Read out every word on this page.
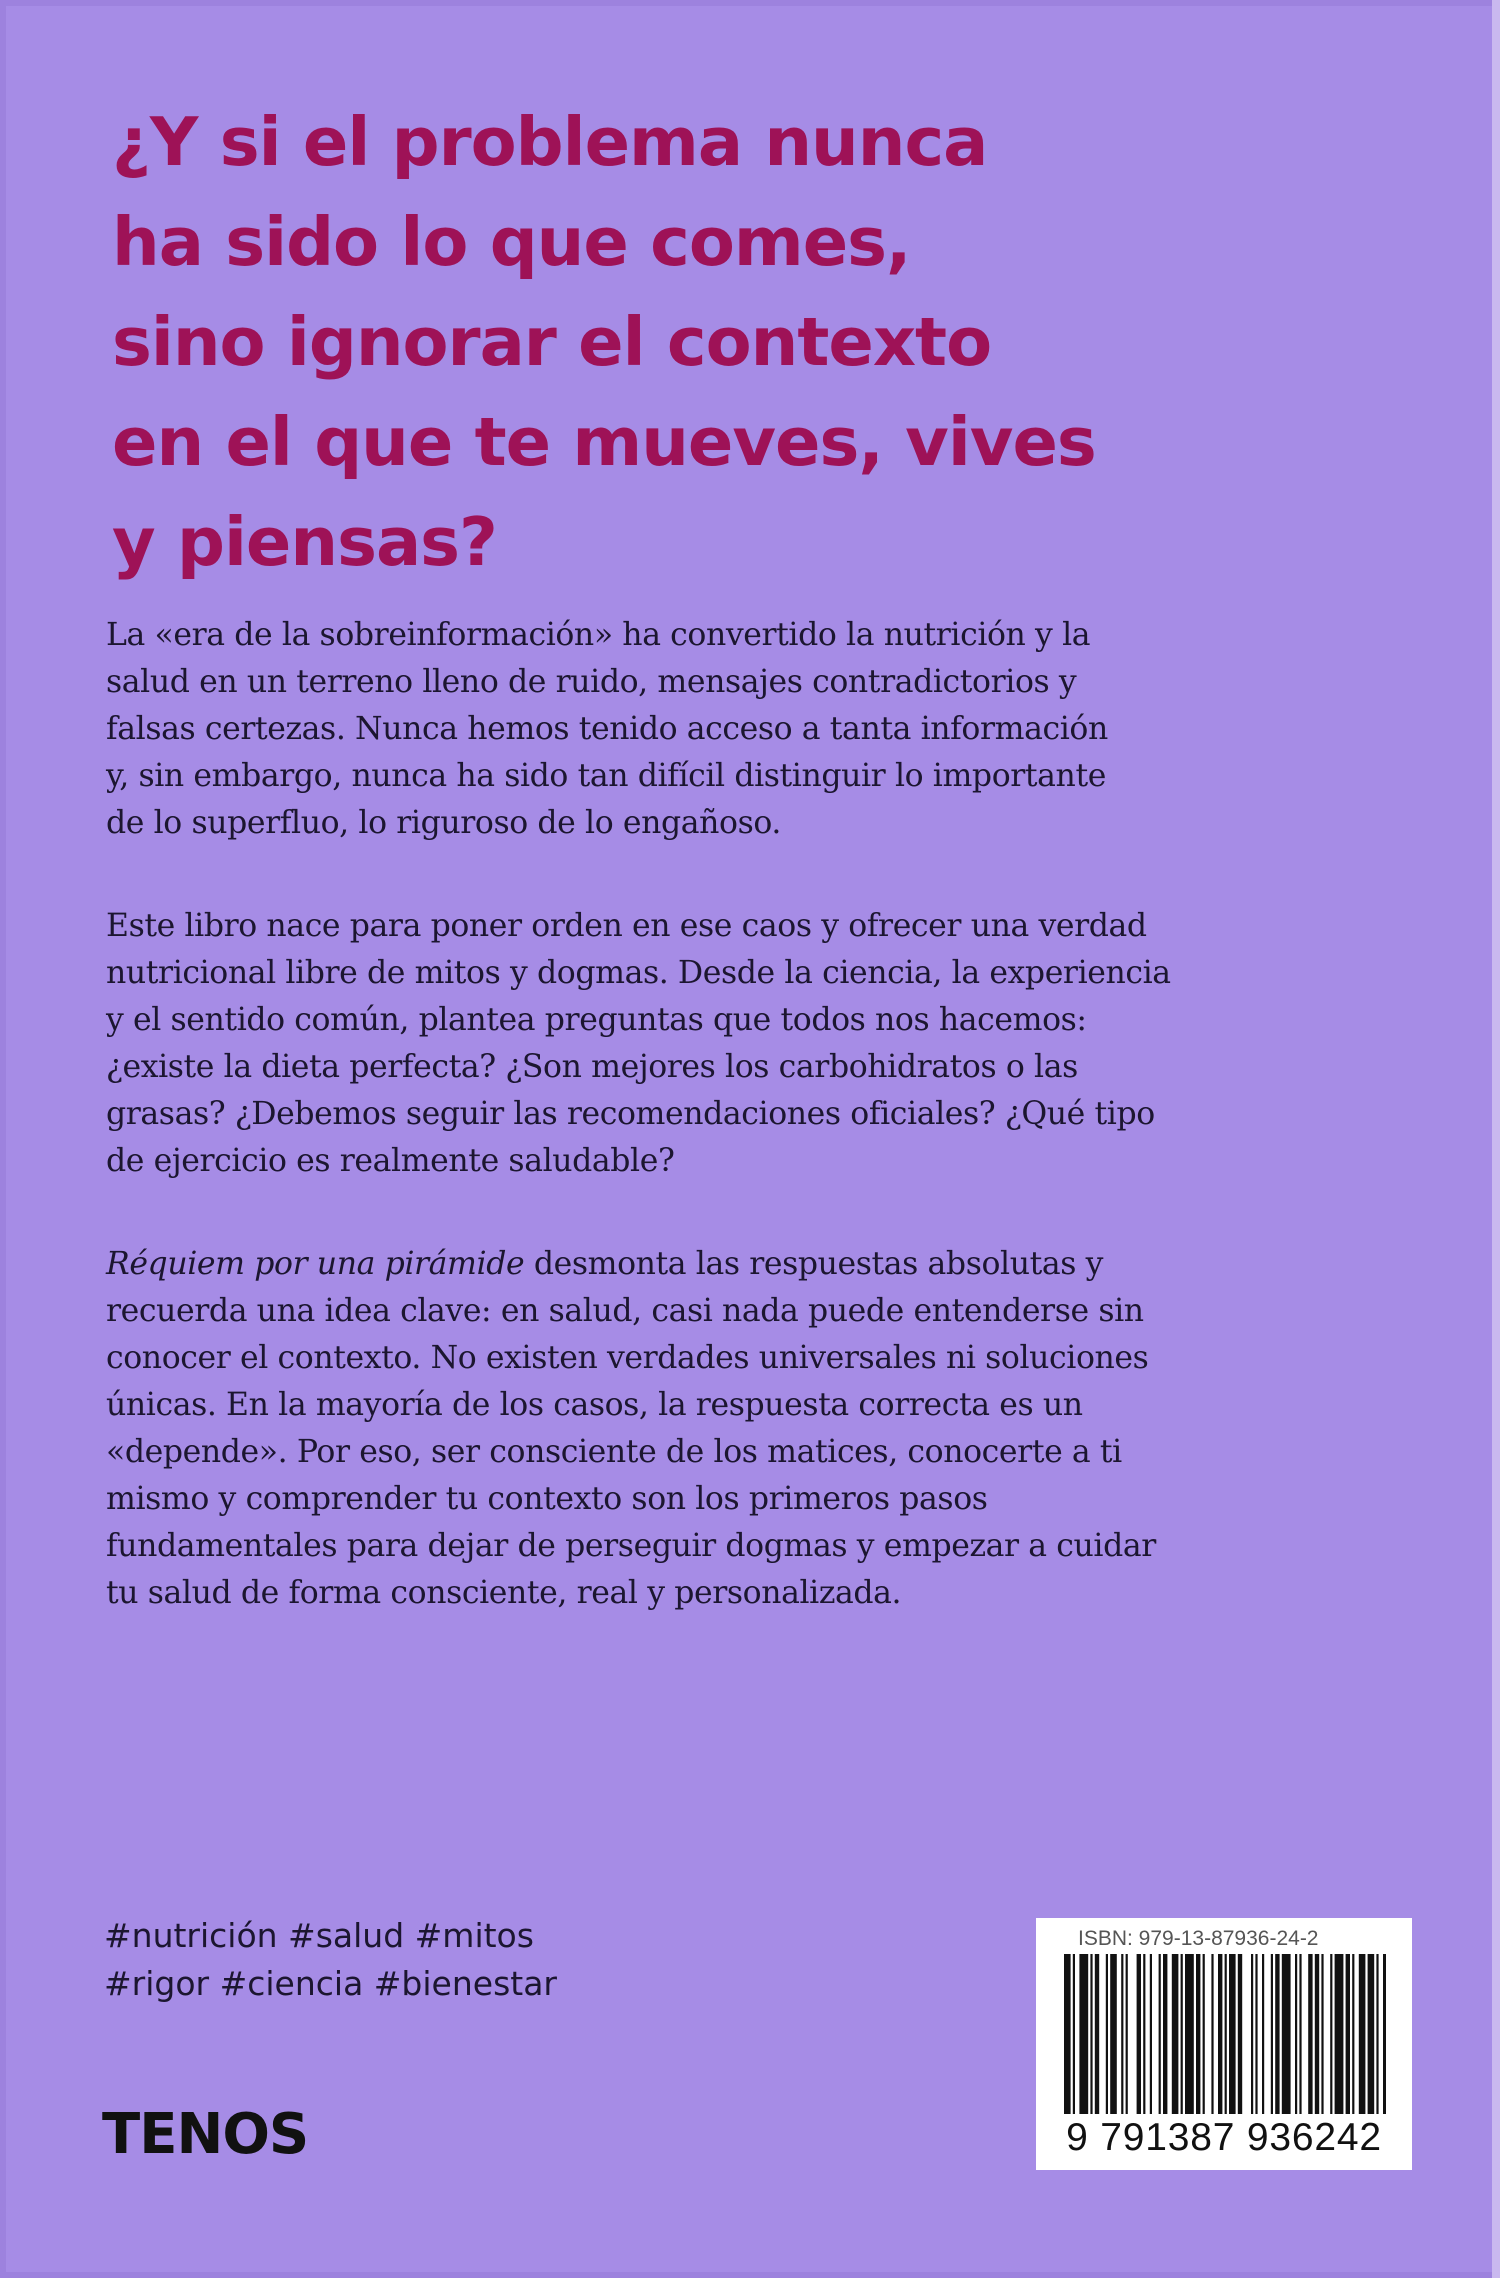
¿Y si el problema nunca
ha sido lo que comes,
sino ignorar el contexto
en el que te mueves, vives
y piensas?

La «era de la sobreinformación» ha convertido la nutrición y la
salud en un terreno lleno de ruido, mensajes contradictorios y
falsas certezas. Nunca hemos tenido acceso a tanta información
y, sin embargo, nunca ha sido tan difícil distinguir lo importante
de lo superfluo, lo riguroso de lo engañoso.

Este libro nace para poner orden en ese caos y ofrecer una verdad
nutricional libre de mitos y dogmas. Desde la ciencia, la experiencia
y el sentido común, plantea preguntas que todos nos hacemos:
¿existe la dieta perfecta? ¿Son mejores los carbohidratos o las
grasas? ¿Debemos seguir las recomendaciones oficiales? ¿Qué tipo
de ejercicio es realmente saludable?

Réquiem por una pirámide desmonta las respuestas absolutas y
recuerda una idea clave: en salud, casi nada puede entenderse sin
conocer el contexto. No existen verdades universales ni soluciones
únicas. En la mayoría de los casos, la respuesta correcta es un
«depende». Por eso, ser consciente de los matices, conocerte a ti
mismo y comprender tu contexto son los primeros pasos
fundamentales para dejar de perseguir dogmas y empezar a cuidar
tu salud de forma consciente, real y personalizada.

#nutrición #salud #mitos
#rigor #ciencia #bienestar
TENOS
ISBN: 979-13-87936-24-2
9 791387 936242
